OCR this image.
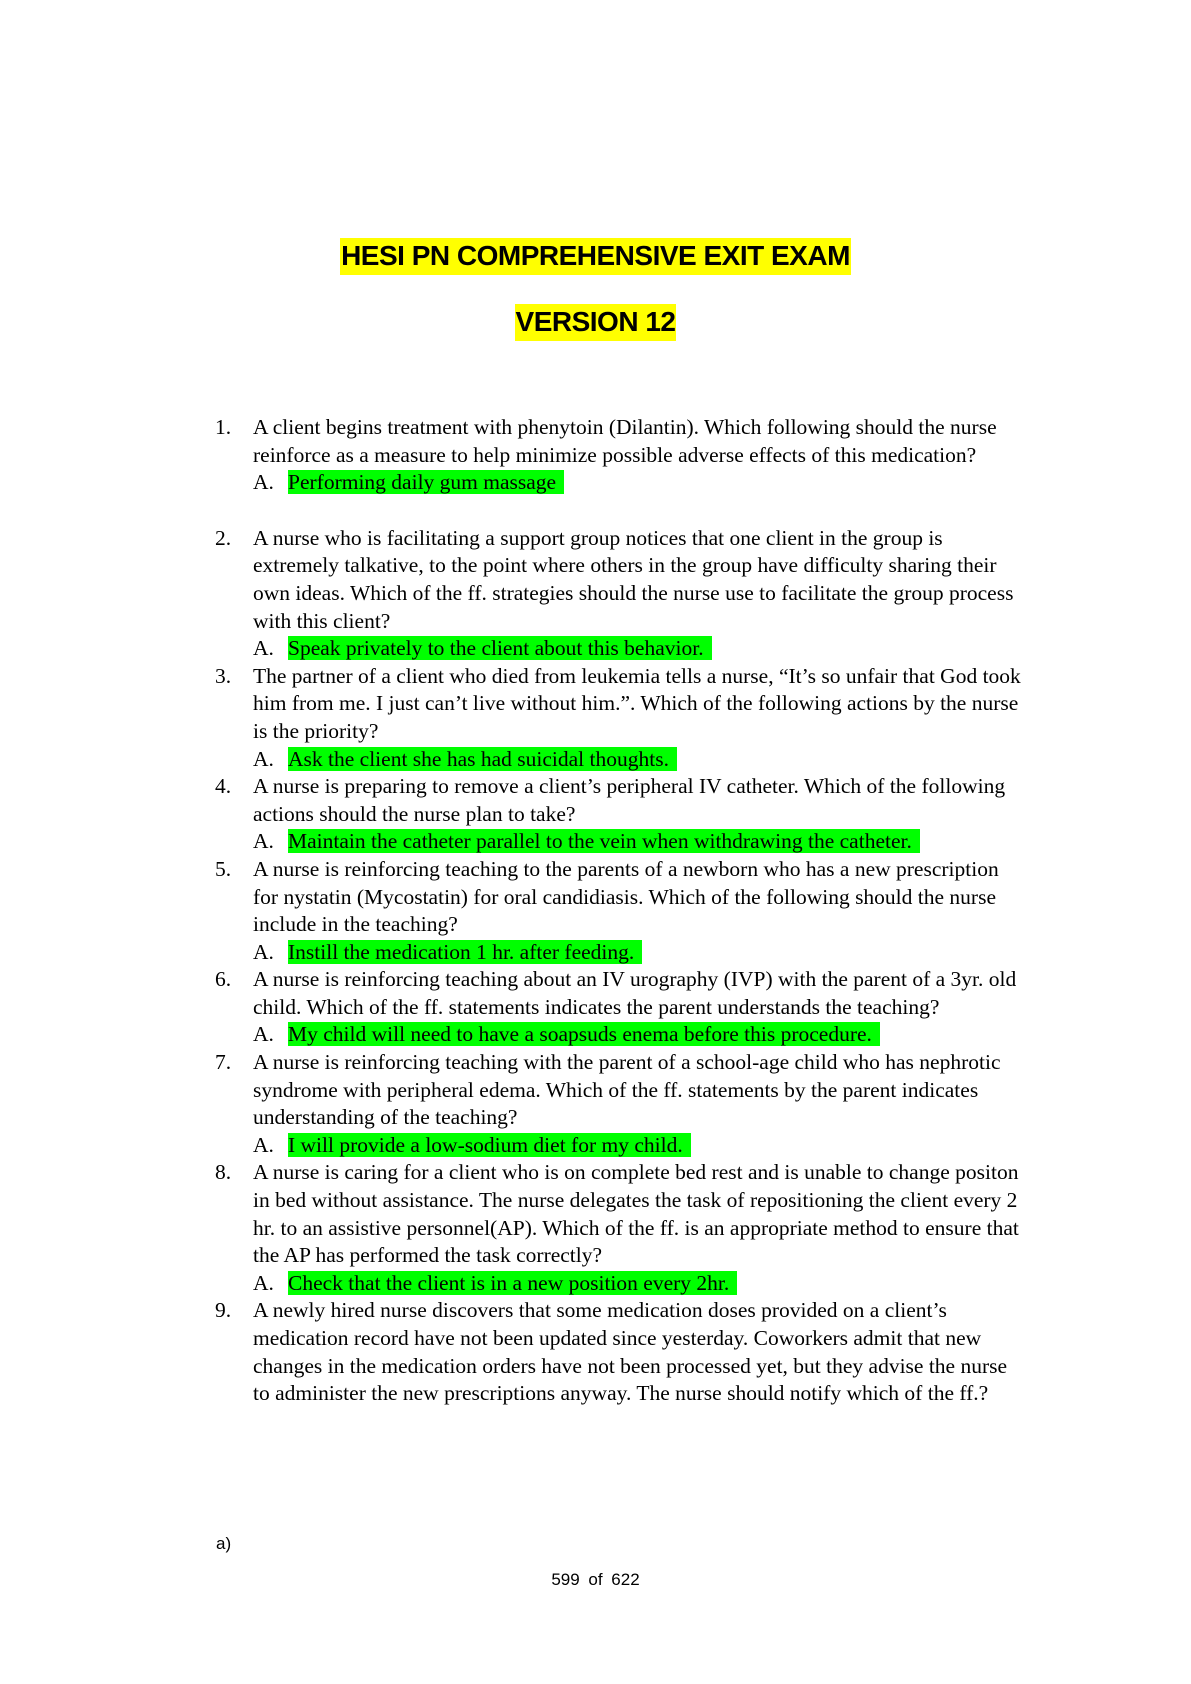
HESI PN COMPREHENSIVE EXIT EXAM
VERSION 12
1. A client begins treatment with phenytoin (Dilantin). Which following should the nurse reinforce as a measure to help minimize possible adverse effects of this medication?
A. Performing daily gum massage
2. A nurse who is facilitating a support group notices that one client in the group is extremely talkative, to the point where others in the group have difficulty sharing their own ideas. Which of the ff. strategies should the nurse use to facilitate the group process with this client?
A. Speak privately to the client about this behavior.
3. The partner of a client who died from leukemia tells a nurse, “It’s so unfair that God took him from me. I just can’t live without him.”. Which of the following actions by the nurse is the priority?
A. Ask the client she has had suicidal thoughts.
4. A nurse is preparing to remove a client’s peripheral IV catheter. Which of the following actions should the nurse plan to take?
A. Maintain the catheter parallel to the vein when withdrawing the catheter.
5. A nurse is reinforcing teaching to the parents of a newborn who has a new prescription for nystatin (Mycostatin) for oral candidiasis. Which of the following should the nurse include in the teaching?
A. Instill the medication 1 hr. after feeding.
6. A nurse is reinforcing teaching about an IV urography (IVP) with the parent of a 3yr. old child. Which of the ff. statements indicates the parent understands the teaching?
A. My child will need to have a soapsuds enema before this procedure.
7. A nurse is reinforcing teaching with the parent of a school-age child who has nephrotic syndrome with peripheral edema. Which of the ff. statements by the parent indicates understanding of the teaching?
A. I will provide a low-sodium diet for my child.
8. A nurse is caring for a client who is on complete bed rest and is unable to change positon in bed without assistance. The nurse delegates the task of repositioning the client every 2 hr. to an assistive personnel(AP). Which of the ff. is an appropriate method to ensure that the AP has performed the task correctly?
A. Check that the client is in a new position every 2hr.
9. A newly hired nurse discovers that some medication doses provided on a client’s medication record have not been updated since yesterday. Coworkers admit that new changes in the medication orders have not been processed yet, but they advise the nurse to administer the new prescriptions anyway. The nurse should notify which of the ff.?
a)
599 of 622
